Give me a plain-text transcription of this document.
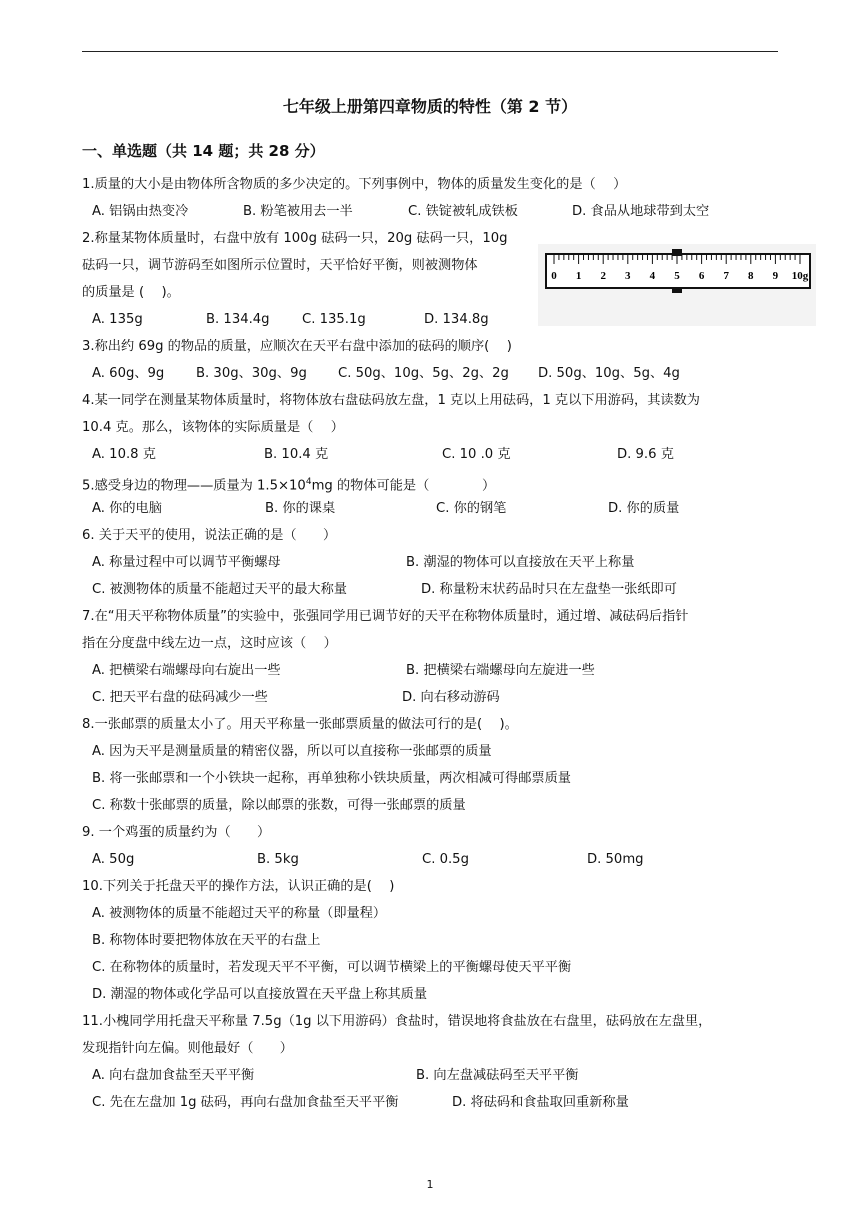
七年级上册第四章物质的特性（第 2 节）
一、单选题（共 14 题；共 28 分）
1.质量的大小是由物体所含物质的多少决定的。下列事例中，物体的质量发生变化的是（　 ）
A. 铝锅由热变冷	B. 粉笔被用去一半	C. 铁锭被轧成铁板	D. 食品从地球带到太空
2.称量某物体质量时，右盘中放有 100g 砝码一只，20g 砝码一只，10g
砝码一只，调节游码至如图所示位置时，天平恰好平衡，则被测物体
的质量是 (　 )。
A. 135g	B. 134.4g C. 135.1g	D. 134.8g
0 1 2 3 4 5 6 7 8 9 10g
3.称出约 69g 的物品的质量，应顺次在天平右盘中添加的砝码的顺序(　 )
A. 60g、9g B. 30g、30g、9g C. 50g、10g、5g、2g、2g D. 50g、10g、5g、4g
4.某一同学在测量某物体质量时，将物体放右盘砝码放左盘，1 克以上用砝码，1 克以下用游码，其读数为
10.4 克。那么，该物体的实际质量是（　 ）
A. 10.8 克	B. 10.4 克	C. 10 .0 克	D. 9.6 克
5.感受身边的物理——质量为 $1.5\times 10^4mg$ 的物体可能是（　　　　）
A. 你的电脑	B. 你的课桌	C. 你的钢笔	D. 你的质量
6. 关于天平的使用，说法正确的是（　　）
A. 称量过程中可以调节平衡螺母	B. 潮湿的物体可以直接放在天平上称量
C. 被测物体的质量不能超过天平的最大称量	D. 称量粉末状药品时只在左盘垫一张纸即可
7.在“用天平称物体质量”的实验中，张强同学用已调节好的天平在称物体质量时，通过增、减砝码后指针
指在分度盘中线左边一点，这时应该（　 ）
A. 把横梁右端螺母向右旋出一些	B. 把横梁右端螺母向左旋进一些
C. 把天平右盘的砝码减少一些	D. 向右移动游码
8.一张邮票的质量太小了。用天平称量一张邮票质量的做法可行的是(　 )。
A. 因为天平是测量质量的精密仪器，所以可以直接称一张邮票的质量
B. 将一张邮票和一个小铁块一起称，再单独称小铁块质量，两次相减可得邮票质量
C. 称数十张邮票的质量，除以邮票的张数，可得一张邮票的质量
9. 一个鸡蛋的质量约为（　　）
A. 50g	B. 5kg	C. 0.5g	D. 50mg
10.下列关于托盘天平的操作方法，认识正确的是(　 )
A. 被测物体的质量不能超过天平的称量（即量程）
B. 称物体时要把物体放在天平的右盘上
C. 在称物体的质量时，若发现天平不平衡，可以调节横梁上的平衡螺母使天平平衡
D. 潮湿的物体或化学品可以直接放置在天平盘上称其质量
11.小槐同学用托盘天平称量 7.5g（1g 以下用游码）食盐时，错误地将食盐放在右盘里，砝码放在左盘里，
发现指针向左偏。则他最好（　　）
A. 向右盘加食盐至天平平衡	B. 向左盘减砝码至天平平衡
C. 先在左盘加 1g 砝码，再向右盘加食盐至天平平衡	D. 将砝码和食盐取回重新称量
1
